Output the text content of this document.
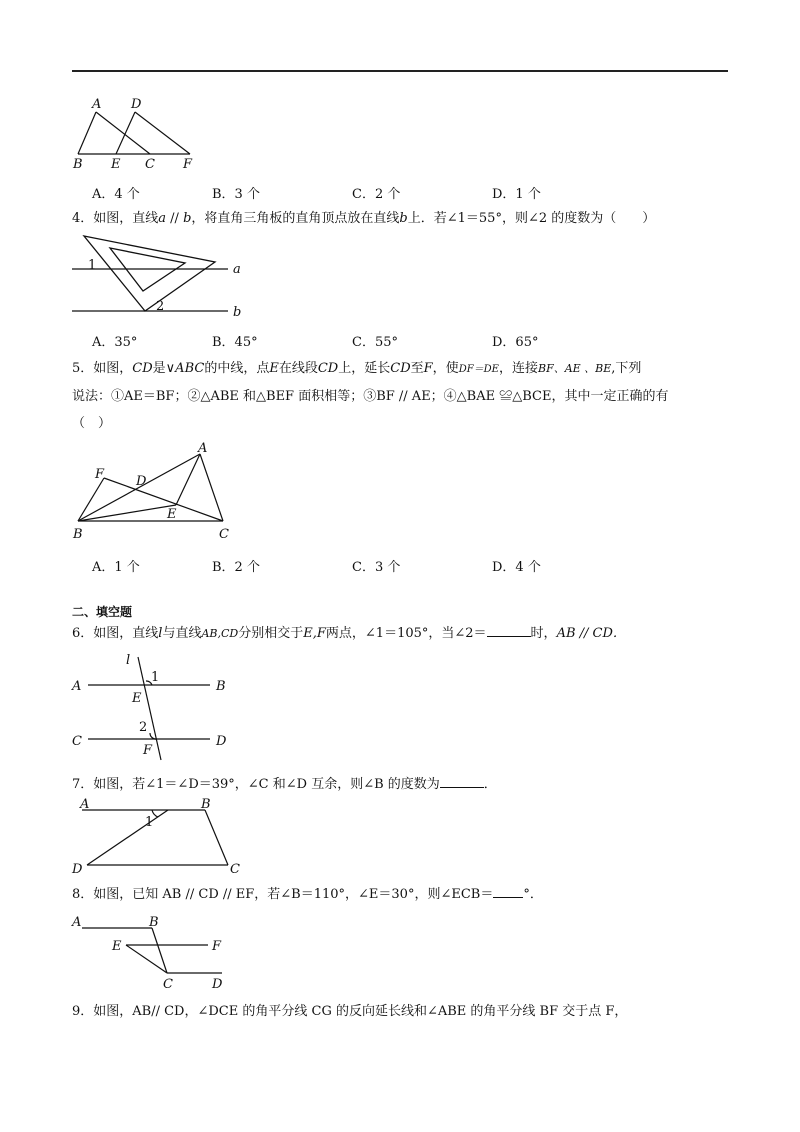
A D
B E C F
A．4 个	B．3 个	C．2 个	D．1 个
4．如图，直线a // b，将直角三角板的直角顶点放在直线b上．若∠1＝55°，则∠2 的度数为（　　）
1
2
a
b
A．35°	B．45°	C．55°	D．65°
5．如图，CD是∨ABC的中线，点E在线段CD上，延长CD至F，使DF＝DE，连接BF、AE 、BE,下列
说法：①AE＝BF；②△ABE 和△BEF 面积相等；③BF // AE；④△BAE ≌△BCE，其中一定正确的有
（　）
A
F D
E
B	C
A．1 个	B．2 个	C．3 个	D．4 个
二、填空题
6．如图，直线l与直线AB,CD分别相交于E,F两点，∠1＝105°，当∠2＝	时，AB // CD．
l
1
A	B
E
2
C	D
F
7．如图，若∠1＝∠D＝39°，∠C 和∠D 互余，则∠B 的度数为	．
A	B
1
D	C
8．如图，已知 AB // CD // EF，若∠B＝110°，∠E＝30°，则∠ECB＝ °．
A	B
E	F
C	D
9．如图，AB// CD，∠DCE 的角平分线 CG 的反向延长线和∠ABE 的角平分线 BF 交于点 F，
